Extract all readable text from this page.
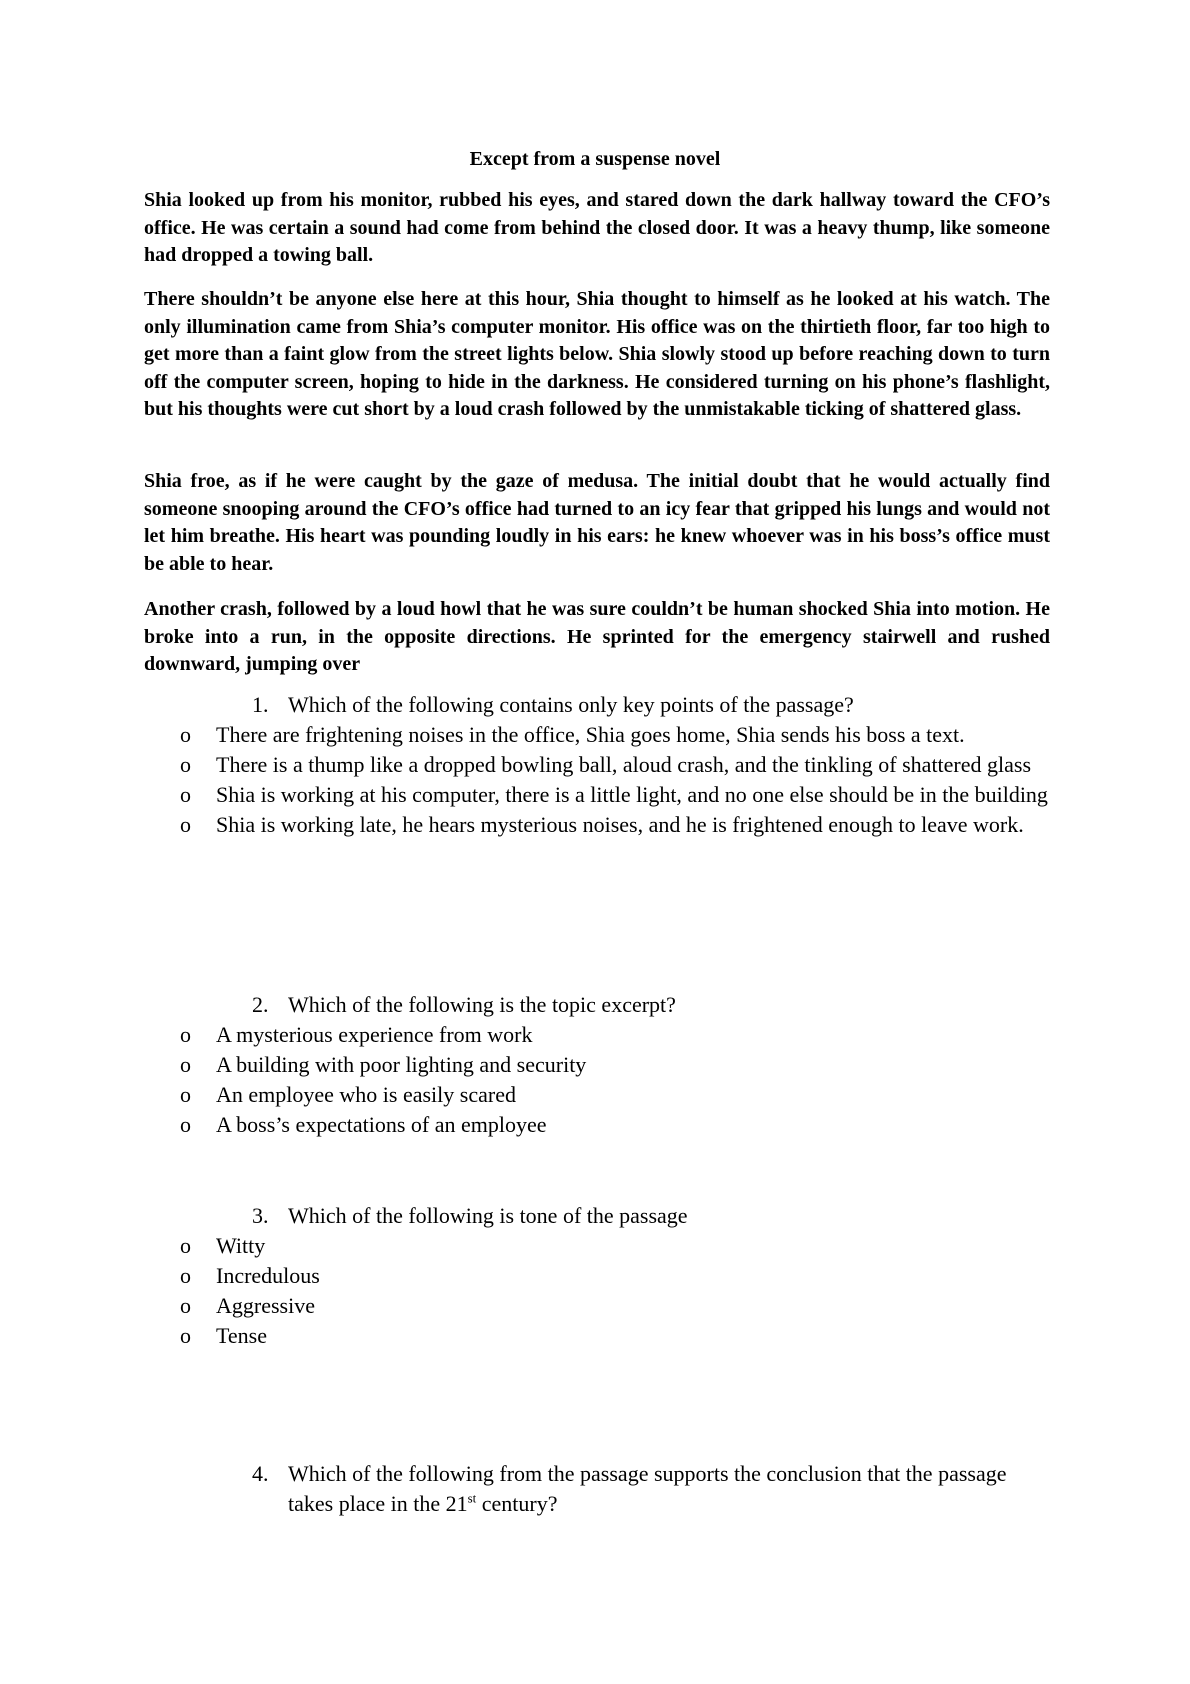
Except from a suspense novel

Shia looked up from his monitor, rubbed his eyes, and stared down the dark hallway toward the CFO’s office. He was certain a sound had come from behind the closed door. It was a heavy thump, like someone had dropped a towing ball.

There shouldn’t be anyone else here at this hour, Shia thought to himself as he looked at his watch. The only illumination came from Shia’s computer monitor. His office was on the thirtieth floor, far too high to get more than a faint glow from the street lights below. Shia slowly stood up before reaching down to turn off the computer screen, hoping to hide in the darkness. He considered turning on his phone’s flashlight, but his thoughts were cut short by a loud crash followed by the unmistakable ticking of shattered glass.

Shia froe, as if he were caught by the gaze of medusa. The initial doubt that he would actually find someone snooping around the CFO’s office had turned to an icy fear that gripped his lungs and would not let him breathe. His heart was pounding loudly in his ears: he knew whoever was in his boss’s office must be able to hear.

Another crash, followed by a loud howl that he was sure couldn’t be human shocked Shia into motion. He broke into a run, in the opposite directions. He sprinted for the emergency stairwell and rushed downward, jumping over

1. Which of the following contains only key points of the passage?
o There are frightening noises in the office, Shia goes home, Shia sends his boss a text.
o There is a thump like a dropped bowling ball, aloud crash, and the tinkling of shattered glass
o Shia is working at his computer, there is a little light, and no one else should be in the building
o Shia is working late, he hears mysterious noises, and he is frightened enough to leave work.
2. Which of the following is the topic excerpt?
o A mysterious experience from work
o A building with poor lighting and security
o An employee who is easily scared
o A boss’s expectations of an employee
3. Which of the following is tone of the passage
o Witty
o Incredulous
o Aggressive
o Tense
4. Which of the following from the passage supports the conclusion that the passage takes place in the 21st century?
